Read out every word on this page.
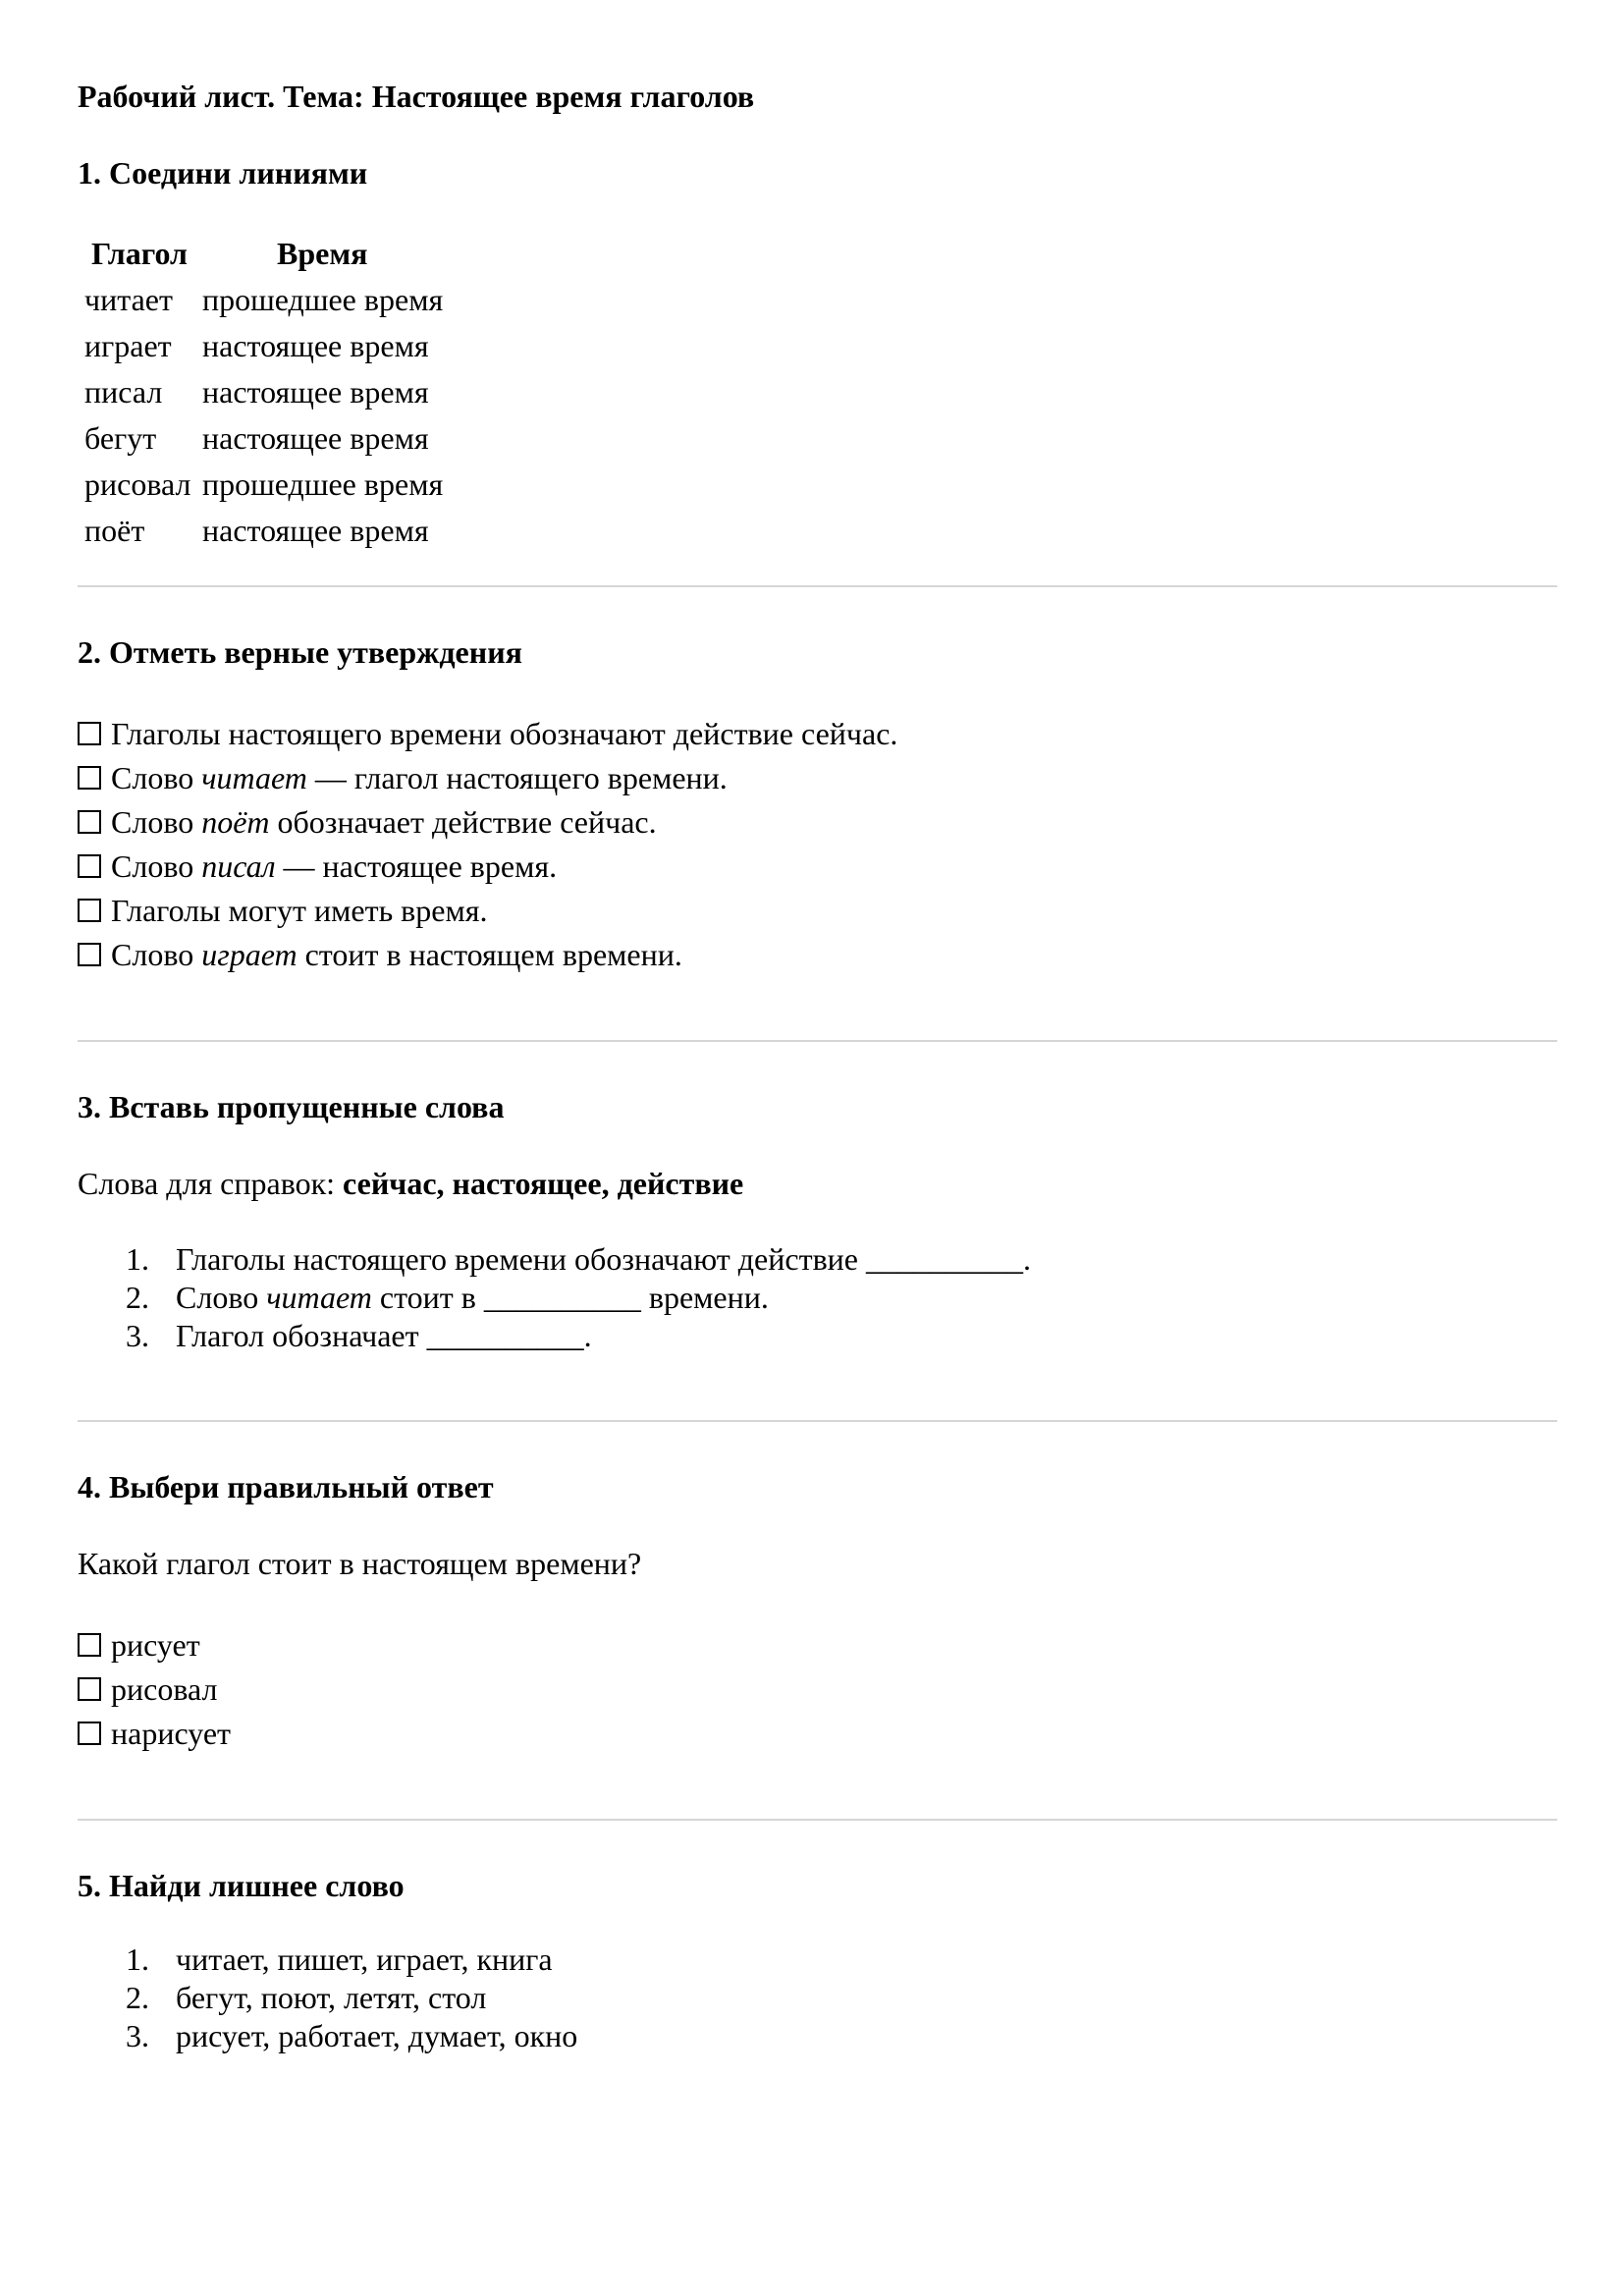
Рабочий лист. Тема: Настоящее время глаголов
1. Соедини линиями
Глагол	Время
читает	прошедшее время
играет	настоящее время
писал	настоящее время
бегут	настоящее время
рисовал	прошедшее время
поёт	настоящее время
2. Отметь верные утверждения
Глаголы настоящего времени обозначают действие сейчас.
Слово читает — глагол настоящего времени.
Слово поёт обозначает действие сейчас.
Слово писал — настоящее время.
Глаголы могут иметь время.
Слово играет стоит в настоящем времени.
3. Вставь пропущенные слова

Слова для справок: сейчас, настоящее, действие

1. Глаголы настоящего времени обозначают действие __________.
2. Слово читает стоит в __________ времени.
3. Глагол обозначает __________.
4. Выбери правильный ответ

Какой глагол стоит в настоящем времени?

рисует
рисовал
нарисует
5. Найди лишнее слово
1. читает, пишет, играет, книга
2. бегут, поют, летят, стол
3. рисует, работает, думает, окно
